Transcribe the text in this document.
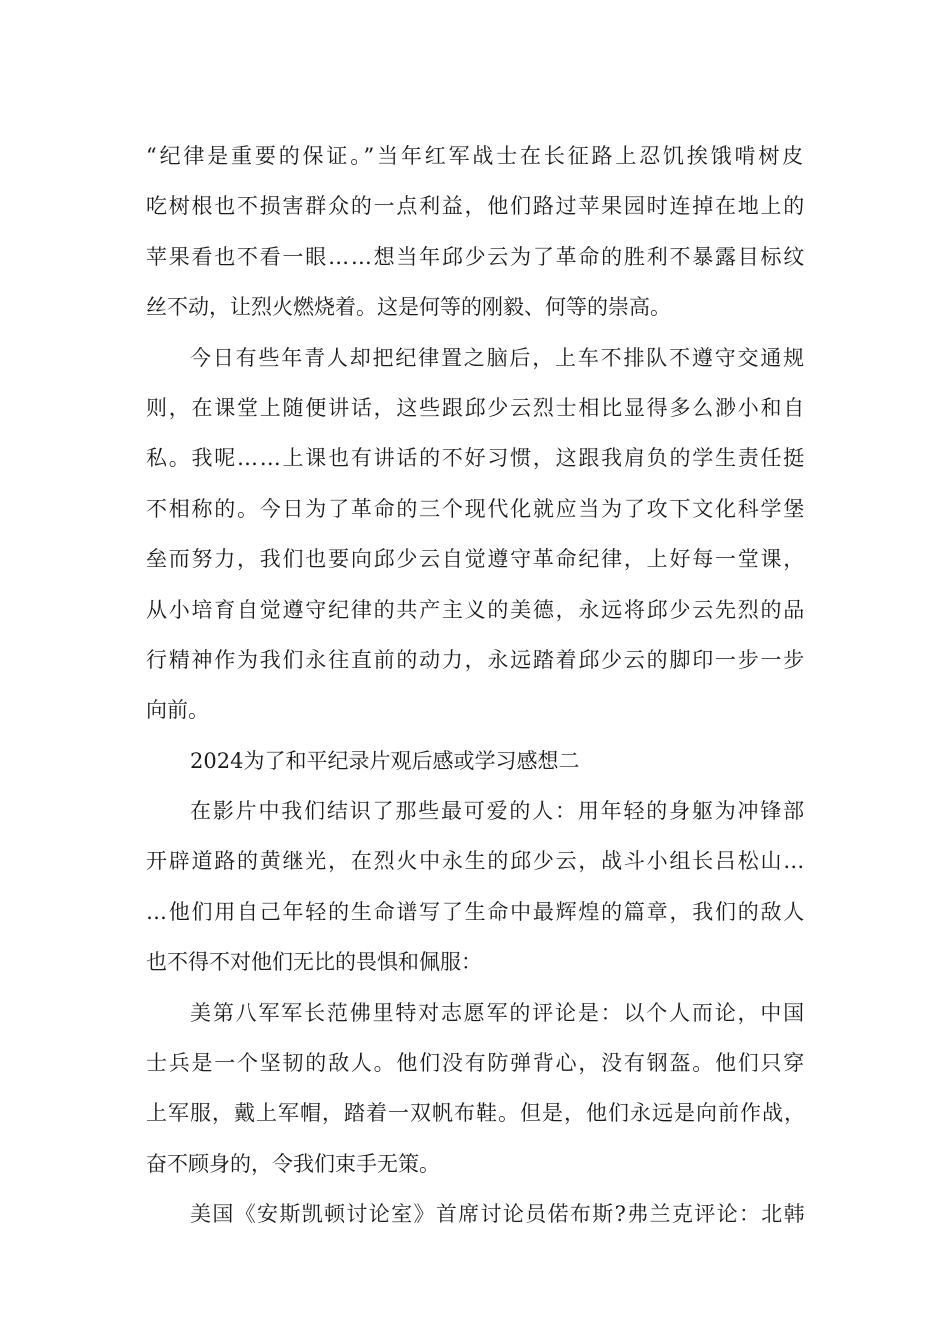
“纪律是重要的保证。”当年红军战士在长征路上忍饥挨饿啃树皮
吃树根也不损害群众的一点利益，他们路过苹果园时连掉在地上的
苹果看也不看一眼……想当年邱少云为了革命的胜利不暴露目标纹
丝不动，让烈火燃烧着。这是何等的刚毅、何等的崇高。
今日有些年青人却把纪律置之脑后，上车不排队不遵守交通规
则，在课堂上随便讲话，这些跟邱少云烈士相比显得多么渺小和自
私。我呢……上课也有讲话的不好习惯，这跟我肩负的学生责任挺
不相称的。今日为了革命的三个现代化就应当为了攻下文化科学堡
垒而努力，我们也要向邱少云自觉遵守革命纪律，上好每一堂课，
从小培育自觉遵守纪律的共产主义的美德，永远将邱少云先烈的品
行精神作为我们永往直前的动力，永远踏着邱少云的脚印一步一步
向前。
2024为了和平纪录片观后感或学习感想二
在影片中我们结识了那些最可爱的人：用年轻的身躯为冲锋部
开辟道路的黄继光，在烈火中永生的邱少云，战斗小组长吕松山…
…他们用自己年轻的生命谱写了生命中最辉煌的篇章，我们的敌人
也不得不对他们无比的畏惧和佩服：
美第八军军长范佛里特对志愿军的评论是：以个人而论，中国
士兵是一个坚韧的敌人。他们没有防弹背心，没有钢盔。他们只穿
上军服，戴上军帽，踏着一双帆布鞋。但是，他们永远是向前作战，
奋不顾身的，令我们束手无策。
美国《安斯凯顿讨论室》首席讨论员偌布斯?弗兰克评论：北韩
